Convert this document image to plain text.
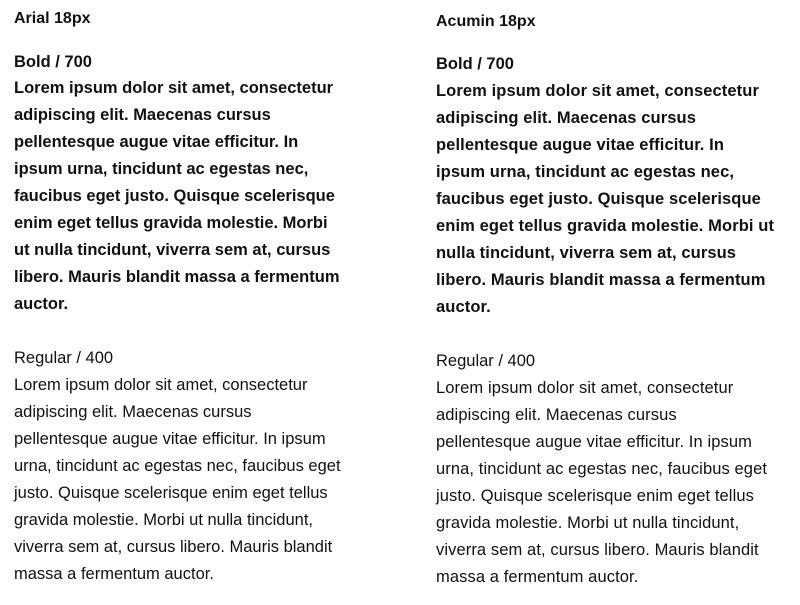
Arial 18px
Bold / 700
Lorem ipsum dolor sit amet, consectetur
adipiscing elit. Maecenas cursus
pellentesque augue vitae efficitur. In
ipsum urna, tincidunt ac egestas nec,
faucibus eget justo. Quisque scelerisque
enim eget tellus gravida molestie. Morbi
ut nulla tincidunt, viverra sem at, cursus
libero. Mauris blandit massa a fermentum
auctor.
Regular / 400
Lorem ipsum dolor sit amet, consectetur
adipiscing elit. Maecenas cursus
pellentesque augue vitae efficitur. In ipsum
urna, tincidunt ac egestas nec, faucibus eget
justo. Quisque scelerisque enim eget tellus
gravida molestie. Morbi ut nulla tincidunt,
viverra sem at, cursus libero. Mauris blandit
massa a fermentum auctor.
Acumin 18px
Bold / 700
Lorem ipsum dolor sit amet, consectetur
adipiscing elit. Maecenas cursus
pellentesque augue vitae efficitur. In
ipsum urna, tincidunt ac egestas nec,
faucibus eget justo. Quisque scelerisque
enim eget tellus gravida molestie. Morbi ut
nulla tincidunt, viverra sem at, cursus
libero. Mauris blandit massa a fermentum
auctor.
Regular / 400
Lorem ipsum dolor sit amet, consectetur
adipiscing elit. Maecenas cursus
pellentesque augue vitae efficitur. In ipsum
urna, tincidunt ac egestas nec, faucibus eget
justo. Quisque scelerisque enim eget tellus
gravida molestie. Morbi ut nulla tincidunt,
viverra sem at, cursus libero. Mauris blandit
massa a fermentum auctor.
